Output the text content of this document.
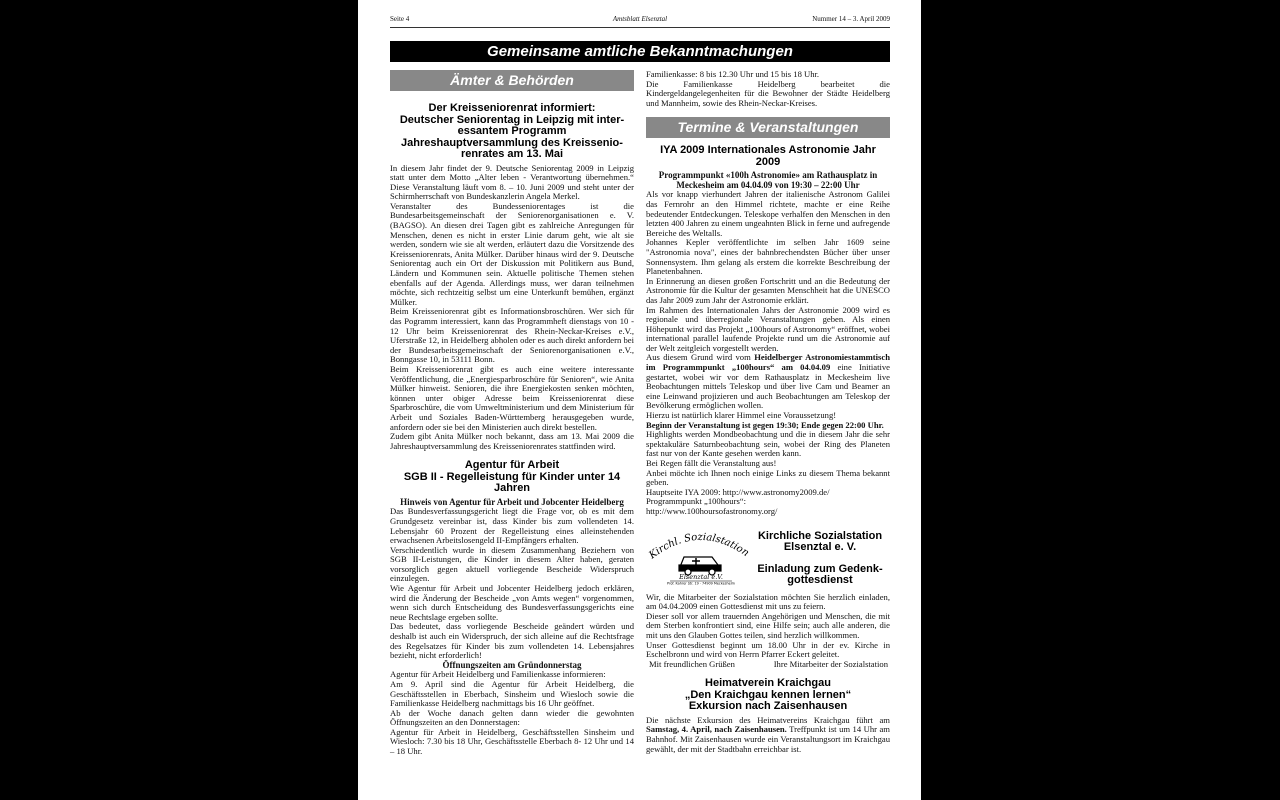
Seite 4	Amtsblatt Elsenztal	Nummer 14 – 3. April 2009
Gemeinsame amtliche Bekanntmachungen
Ämter & Behörden
Der Kreisseniorenrat informiert:
Deutscher Seniorentag in Leipzig mit inter-
essantem Programm
Jahreshauptversammlung des Kreissenio-
renrates am 13. Mai

In diesem Jahr findet der 9. Deutsche Seniorentag 2009 in Leipzig statt unter dem Motto „Alter leben - Verantwortung übernehmen.“ Diese Veranstaltung läuft vom 8. – 10. Juni 2009 und steht unter der Schirmherrschaft von Bundeskanzlerin Angela Merkel.

Veranstalter des Bundesseniorentages ist die Bundesarbeitsgemeinschaft der Seniorenorganisationen e. V. (BAGSO). An diesen drei Tagen gibt es zahlreiche Anregungen für Menschen, denen es nicht in erster Linie darum geht, wie alt sie werden, sondern wie sie alt werden, erläutert dazu die Vorsitzende des Kreisseniorenrats, Anita Mülker. Darüber hinaus wird der 9. Deutsche Seniorentag auch ein Ort der Diskussion mit Politikern aus Bund, Ländern und Kommunen sein. Aktuelle politische Themen stehen ebenfalls auf der Agenda. Allerdings muss, wer daran teilnehmen möchte, sich rechtzeitig selbst um eine Unterkunft bemühen, ergänzt Mülker.

Beim Kreisseniorenrat gibt es Informationsbroschüren. Wer sich für das Pogramm interessiert, kann das Programmheft dienstags von 10 - 12 Uhr beim Kreisseniorenrat des Rhein-Neckar-Kreises e.V., Uferstraße 12, in Heidelberg abholen oder es auch direkt anfordern bei der Bundesarbeitsgemeinschaft der Seniorenorganisationen e.V., Bonngasse 10, in 53111 Bonn.

Beim Kreisseniorenrat gibt es auch eine weitere interessante Veröffentlichung, die „Energiesparbroschüre für Senioren“, wie Anita Mülker hinweist. Senioren, die ihre Energiekosten senken möchten, können unter obiger Adresse beim Kreisseniorenrat diese Sparbroschüre, die vom Umweltministerium und dem Ministerium für Arbeit und Soziales Baden-Württemberg herausgegeben wurde, anfordern oder sie bei den Ministerien auch direkt bestellen.

Zudem gibt Anita Mülker noch bekannt, dass am 13. Mai 2009 die Jahreshauptversammlung des Kreisseniorenrates stattfinden wird.

Agentur für Arbeit
SGB II - Regelleistung für Kinder unter 14
Jahren
Hinweis von Agentur für Arbeit und Jobcenter Heidelberg

Das Bundesverfassungsgericht liegt die Frage vor, ob es mit dem Grundgesetz vereinbar ist, dass Kinder bis zum vollendeten 14. Lebensjahr 60 Prozent der Regelleistung eines alleinstehenden erwachsenen Arbeitslosengeld II-Empfängers erhalten.

Verschiedentlich wurde in diesem Zusammenhang Beziehern von SGB II-Leistungen, die Kinder in diesem Alter haben, geraten vorsorglich gegen aktuell vorliegende Bescheide Widerspruch einzulegen.

Wie Agentur für Arbeit und Jobcenter Heidelberg jedoch erklären, wird die Änderung der Bescheide „von Amts wegen“ vorgenommen, wenn sich durch Entscheidung des Bundesverfassungsgerichts eine neue Rechtslage ergeben sollte.

Das bedeutet, dass vorliegende Bescheide geändert würden und deshalb ist auch ein Widerspruch, der sich alleine auf die Rechtsfrage des Regelsatzes für Kinder bis zum vollendeten 14. Lebensjahres bezieht, nicht erforderlich!

Öffnungszeiten am Gründonnerstag

Agentur für Arbeit Heidelberg und Familienkasse informieren:

Am 9. April sind die Agentur für Arbeit Heidelberg, die Geschäftsstellen in Eberbach, Sinsheim und Wiesloch sowie die Familienkasse Heidelberg nachmittags bis 16 Uhr geöffnet.

Ab der Woche danach gelten dann wieder die gewohnten Öffnungszeiten an den Donnerstagen:

Agentur für Arbeit in Heidelberg, Geschäftsstellen Sinsheim und Wiesloch: 7.30 bis 18 Uhr, Geschäftsstelle Eberbach 8- 12 Uhr und 14 – 18 Uhr.

Familienkasse: 8 bis 12.30 Uhr und 15 bis 18 Uhr.

Die Familienkasse Heidelberg bearbeitet die Kindergeldangelegenheiten für die Bewohner der Städte Heidelberg und Mannheim, sowie des Rhein-Neckar-Kreises.

Termine & Veranstaltungen
IYA 2009 Internationales Astronomie Jahr
2009
Programmpunkt «100h Astronomie» am Rathausplatz in
Meckesheim am 04.04.09 von 19:30 – 22:00 Uhr

Als vor knapp vierhundert Jahren der italienische Astronom Galilei das Fernrohr an den Himmel richtete, machte er eine Reihe bedeutender Entdeckungen. Teleskope verhalfen den Menschen in den letzten 400 Jahren zu einem ungeahnten Blick in ferne und aufregende Bereiche des Weltalls.

Johannes Kepler veröffentlichte im selben Jahr 1609 seine "Astronomia nova", eines der bahnbrechendsten Bücher über unser Sonnensystem. Ihm gelang als erstem die korrekte Beschreibung der Planetenbahnen.

In Erinnerung an diesen großen Fortschritt und an die Bedeutung der Astronomie für die Kultur der gesamten Menschheit hat die UNESCO das Jahr 2009 zum Jahr der Astronomie erklärt.

Im Rahmen des Internationalen Jahrs der Astronomie 2009 wird es regionale und überregionale Veranstaltungen geben. Als einen Höhepunkt wird das Projekt „100hours of Astronomy“ eröffnet, wobei international parallel laufende Projekte rund um die Astronomie auf der Welt zeitgleich vorgestellt werden.

Aus diesem Grund wird vom Heidelberger Astronomiestammtisch im Programmpunkt „100hours“ am 04.04.09 eine Initiative gestartet, wobei wir vor dem Rathausplatz in Meckesheim live Beobachtungen mittels Teleskop und über live Cam und Beamer an eine Leinwand projizieren und auch Beobachtungen am Teleskop der Bevölkerung ermöglichen wollen.

Hierzu ist natürlich klarer Himmel eine Voraussetzung!

Beginn der Veranstaltung ist gegen 19:30; Ende gegen 22:00 Uhr.

Highlights werden Mondbeobachtung und die in diesem Jahr die sehr spektakuläre Saturnbeobachtung sein, wobei der Ring des Planeten fast nur von der Kante gesehen werden kann.

Bei Regen fällt die Veranstaltung aus!

Anbei möchte ich Ihnen noch einige Links zu diesem Thema bekannt geben.

Hauptseite IYA 2009: http://www.astronomy2009.de/

Programmpunkt „100hours“:

http://www.100hoursofastronomy.org/

Kirchl. Sozialstation
Elsenztal e.V.
Prof. Kahrer Str. 19 · 74909 Meckesheim
Kirchliche Sozialstation
Elsenztal e. V.
Einladung zum Gedenk-
gottesdienst

Wir, die Mitarbeiter der Sozialstation möchten Sie herzlich einladen, am 04.04.2009 einen Gottesdienst mit uns zu feiern.

Dieser soll vor allem trauernden Angehörigen und Menschen, die mit dem Sterben konfrontiert sind, eine Hilfe sein; auch alle anderen, die mit uns den Glauben Gottes teilen, sind herzlich willkommen.

Unser Gottesdienst beginnt um 18.00 Uhr in der ev. Kirche in Eschelbronn und wird von Herrn Pfarrer Eckert geleitet.

Mit freundlichen Grüßen	Ihre Mitarbeiter der Sozialstation
Heimatverein Kraichgau
„Den Kraichgau kennen lernen“
Exkursion nach Zaisenhausen

Die nächste Exkursion des Heimatvereins Kraichgau führt am Samstag, 4. April, nach Zaisenhausen. Treffpunkt ist um 14 Uhr am Bahnhof. Mit Zaisenhausen wurde ein Veranstaltungsort im Kraichgau gewählt, der mit der Stadtbahn erreichbar ist.
